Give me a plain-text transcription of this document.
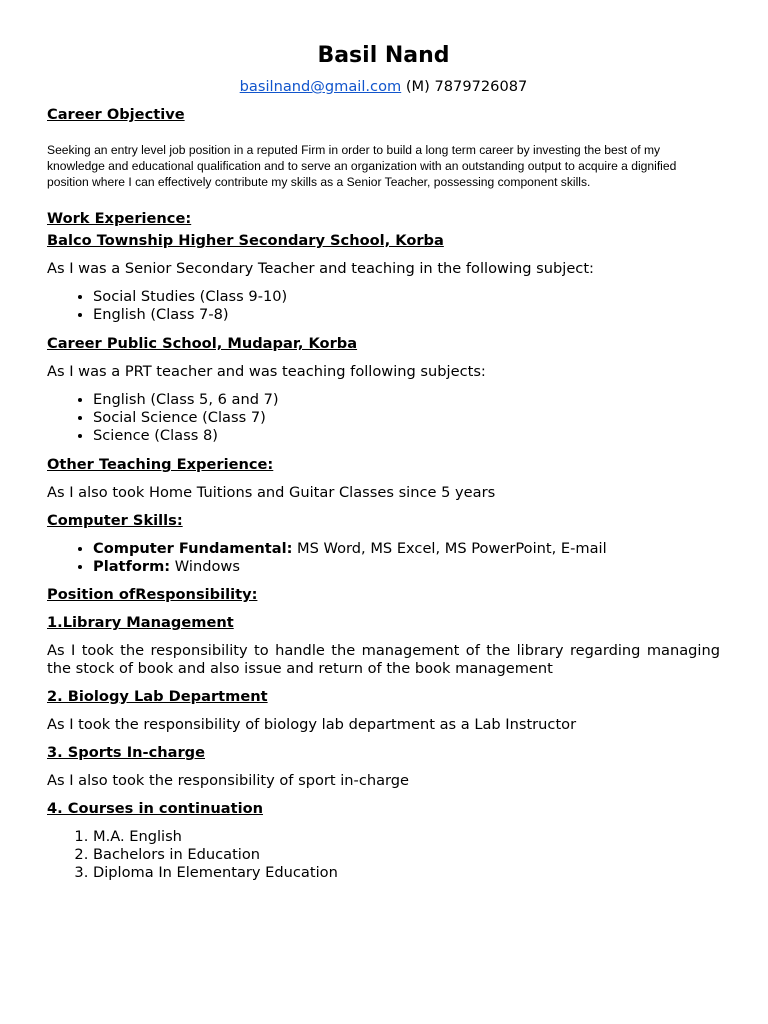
Basil Nand
basilnand@gmail.com (M) 7879726087

Career Objective

Seeking an entry level job position in a reputed Firm in order to build a long term career by investing the best of my knowledge and educational qualification and to serve an organization with an outstanding output to acquire a dignified position where I can effectively contribute my skills as a Senior Teacher, possessing component skills.

Work Experience:

Balco Township Higher Secondary School, Korba

As I was a Senior Secondary Teacher and teaching in the following subject:

• Social Studies (Class 9-10)
• English (Class 7-8)

Career Public School, Mudapar, Korba

As I was a PRT teacher and was teaching following subjects:

• English (Class 5, 6 and 7)
• Social Science (Class 7)
• Science (Class 8)

Other Teaching Experience:

As I also took Home Tuitions and Guitar Classes since 5 years

Computer Skills:

• Computer Fundamental: MS Word, MS Excel, MS PowerPoint, E-mail
• Platform: Windows

Position ofResponsibility:

1.Library Management

As I took the responsibility to handle the management of the library regarding managing the stock of book and also issue and return of the book management

2. Biology Lab Department

As I took the responsibility of biology lab department as a Lab Instructor

3. Sports In-charge

As I also took the responsibility of sport in-charge

4. Courses in continuation

1. M.A. English
2. Bachelors in Education
3. Diploma In Elementary Education
